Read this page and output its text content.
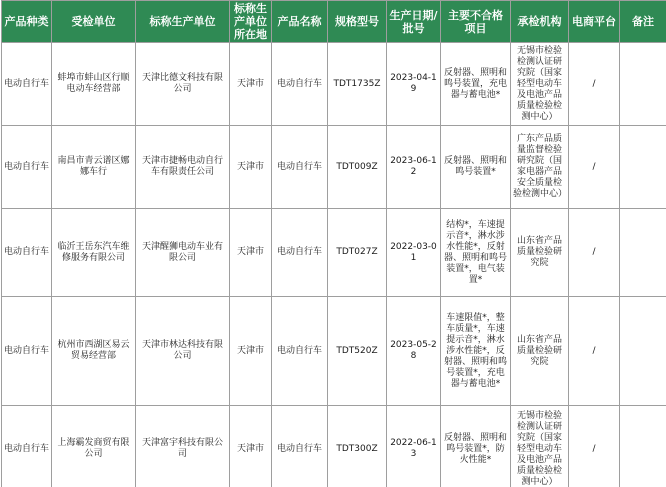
产品种类	受检单位	标称生产单位	标称生产单位所在地	产品名称	规格型号	生产日期/批号	主要不合格项目	承检机构	电商平台	备注
电动自行车	蚌埠市蚌山区行顺电动车经营部	天津比德文科技有限公司	天津市	电动自行车	TDT1735Z	2023-04-19	反射器、照明和鸣号装置，充电器与蓄电池*	无锡市检验检测认证研究院（国家轻型电动车及电池产品质量检验检测中心）	/	
电动自行车	南昌市青云谱区娜娜车行	天津市捷畅电动自行车有限责任公司	天津市	电动自行车	TDT009Z	2023-06-12	反射器、照明和鸣号装置*	广东产品质量监督检验研究院（国家电器产品安全质量检验检测中心）	/	
电动自行车	临沂王岳东汽车维修服务有限公司	天津醒狮电动车业有限公司	天津市	电动自行车	TDT027Z	2022-03-01	结构*，车速提示音*，淋水涉水性能*，反射器、照明和鸣号装置*，电气装置*	山东省产品质量检验研究院	/	
电动自行车	杭州市西湖区易云贸易经营部	天津市林达科技有限公司	天津市	电动自行车	TDT520Z	2023-05-28	车速限值*，整车质量*，车速提示音*，淋水涉水性能*，反射器、照明和鸣号装置*，充电器与蓄电池*	山东省产品质量检验研究院	/	
电动自行车	上海霸发商贸有限公司	天津富宇科技有限公司	天津市	电动自行车	TDT300Z	2022-06-13	反射器、照明和鸣号装置*，防火性能*	无锡市检验检测认证研究院（国家轻型电动车及电池产品质量检验检测中心）	/	
